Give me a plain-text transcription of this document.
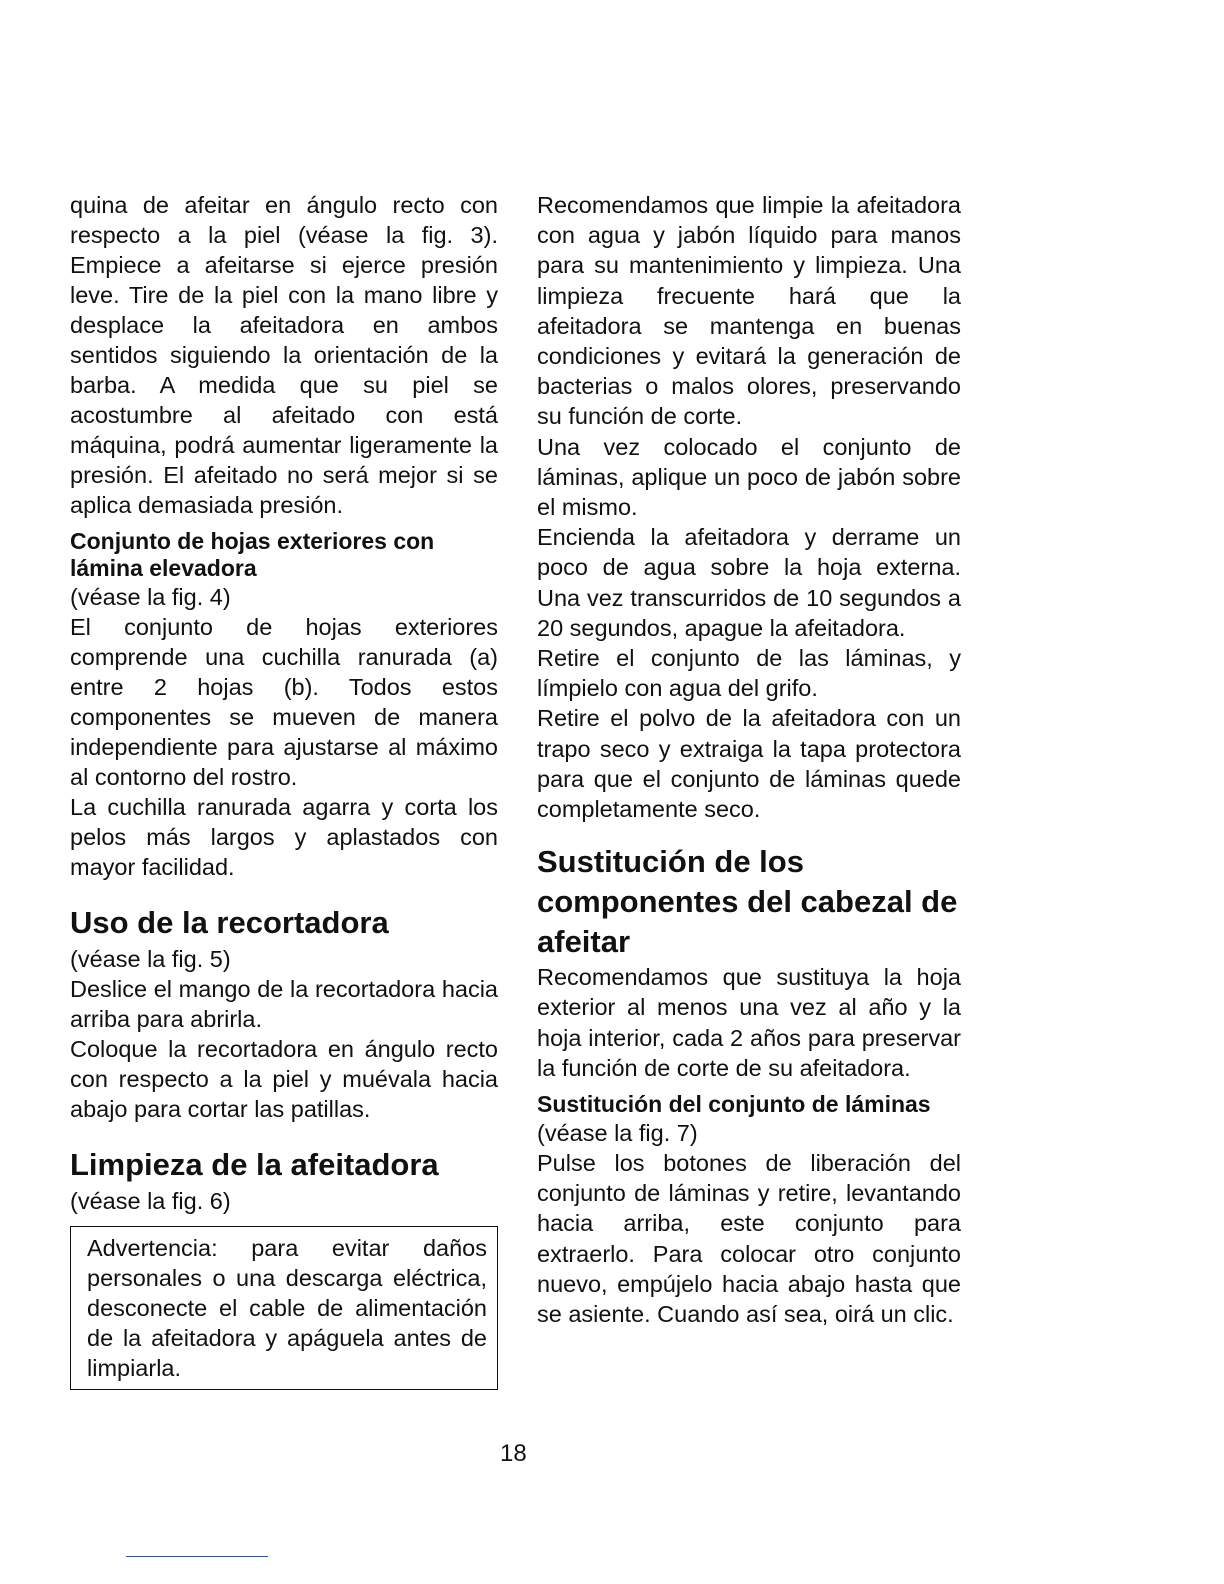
quina de afeitar en ángulo recto con respecto a la piel (véase la fig. 3). Empiece a afeitarse si ejerce presión leve. Tire de la piel con la mano libre y desplace la afeitadora en ambos sentidos siguiendo la orientación de la barba. A medida que su piel se acostumbre al afeitado con está máquina, podrá aumentar ligeramente la presión. El afeitado no será mejor si se aplica demasiada presión.

Conjunto de hojas exteriores con lámina elevadora

(véase la fig. 4)

El conjunto de hojas exteriores comprende una cuchilla ranurada (a) entre 2 hojas (b). Todos estos componentes se mueven de manera independiente para ajustarse al máximo al contorno del rostro.

La cuchilla ranurada agarra y corta los pelos más largos y aplastados con mayor facilidad.

Uso de la recortadora

(véase la fig. 5)

Deslice el mango de la recortadora hacia arriba para abrirla.

Coloque la recortadora en ángulo recto con respecto a la piel y muévala hacia abajo para cortar las patillas.

Limpieza de la afeitadora

(véase la fig. 6)

Advertencia: para evitar daños personales o una descarga eléctrica, desconecte el cable de alimentación de la afeitadora y apáguela antes de limpiarla.

Recomendamos que limpie la afeitadora con agua y jabón líquido para manos para su mantenimiento y limpieza. Una limpieza frecuente hará que la afeitadora se mantenga en buenas condiciones y evitará la generación de bacterias o malos olores, preservando su función de corte.

Una vez colocado el conjunto de láminas, aplique un poco de jabón sobre el mismo.

Encienda la afeitadora y derrame un poco de agua sobre la hoja externa. Una vez transcurridos de 10 segundos a 20 segundos, apague la afeitadora.

Retire el conjunto de las láminas, y límpielo con agua del grifo.

Retire el polvo de la afeitadora con un trapo seco y extraiga la tapa protectora para que el conjunto de láminas quede completamente seco.

Sustitución de los componentes del cabezal de afeitar

Recomendamos que sustituya la hoja exterior al menos una vez al año y la hoja interior, cada 2 años para preservar la función de corte de su afeitadora.

Sustitución del conjunto de láminas

(véase la fig. 7)

Pulse los botones de liberación del conjunto de láminas y retire, levantando hacia arriba, este conjunto para extraerlo. Para colocar otro conjunto nuevo, empújelo hacia abajo hasta que se asiente. Cuando así sea, oirá un clic.

18
